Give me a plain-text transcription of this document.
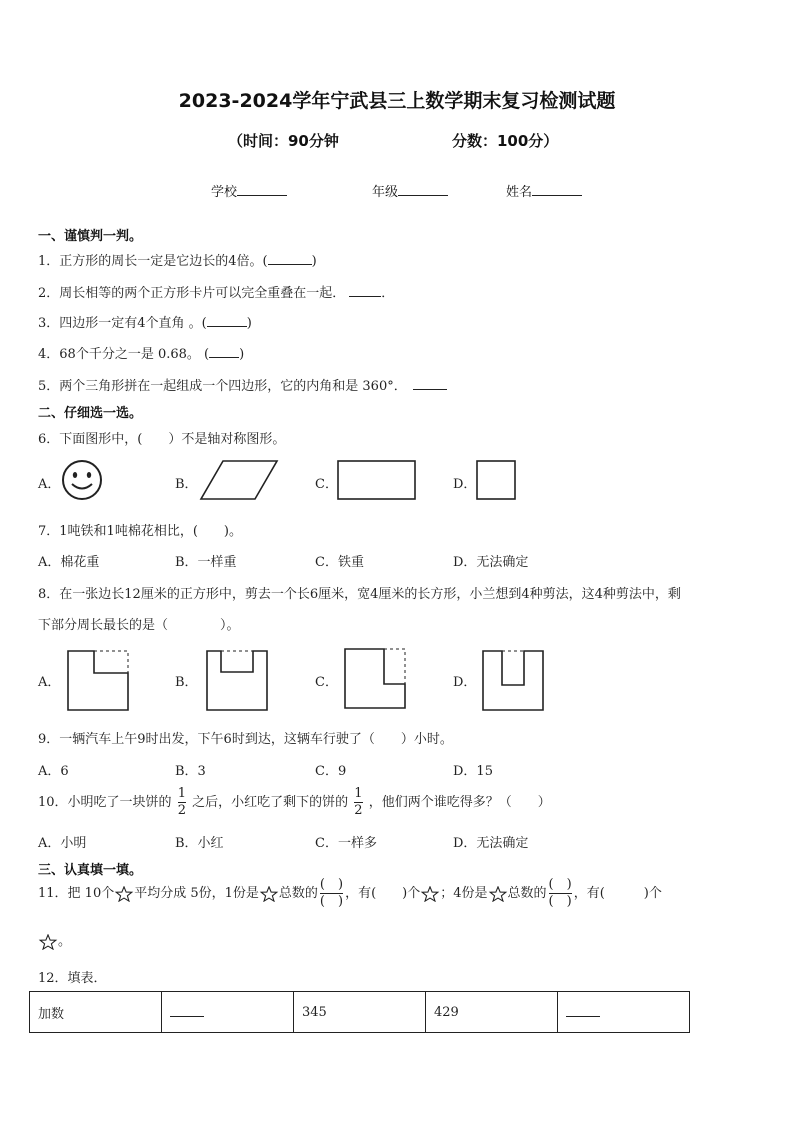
2023-2024学年宁武县三上数学期末复习检测试题
（时间：90分钟	分数：100分）
学校	年级	姓名
一、谨慎判一判。
1．正方形的周长一定是它边长的4倍。(	)
2．周长相等的两个正方形卡片可以完全重叠在一起．	．
3．四边形一定有4个直角 。(	)
4．68个千分之一是 0.68。 ( )
5．两个三角形拼在一起组成一个四边形，它的内角和是 360°．
二、仔细选一选。
6．下面图形中，(　　）不是轴对称图形。
A．	B．	C．	D．
7．1吨铁和1吨棉花相比，(　　)。
A．棉花重	B．一样重	C．铁重	D．无法确定
8．在一张边长12厘米的正方形中，剪去一个长6厘米，宽4厘米的长方形，小兰想到4种剪法，这4种剪法中，剩
下部分周长最长的是（　　　　）。
A．	B．	C．	D．
9．一辆汽车上午9时出发，下午6时到达，这辆车行驶了（　　）小时。
A．6	B．3	C．9	D．15
10．小明吃了一块饼的 $\frac{1}{2}$ 之后，小红吃了剩下的饼的 $\frac{1}{2}$ ，他们两个谁吃得多？（　　）
A．小明	B．小红	C．一样多	D．无法确定
三、认真填一填。
11．把 10个 平均分成 5份，1份是 总数的 $\frac{( )}{( )}$ ，有(　　)个 ；4份是 总数的 $\frac{( )}{( )}$ ，有(　　　)个
。
12．填表．
加数		345	429	
